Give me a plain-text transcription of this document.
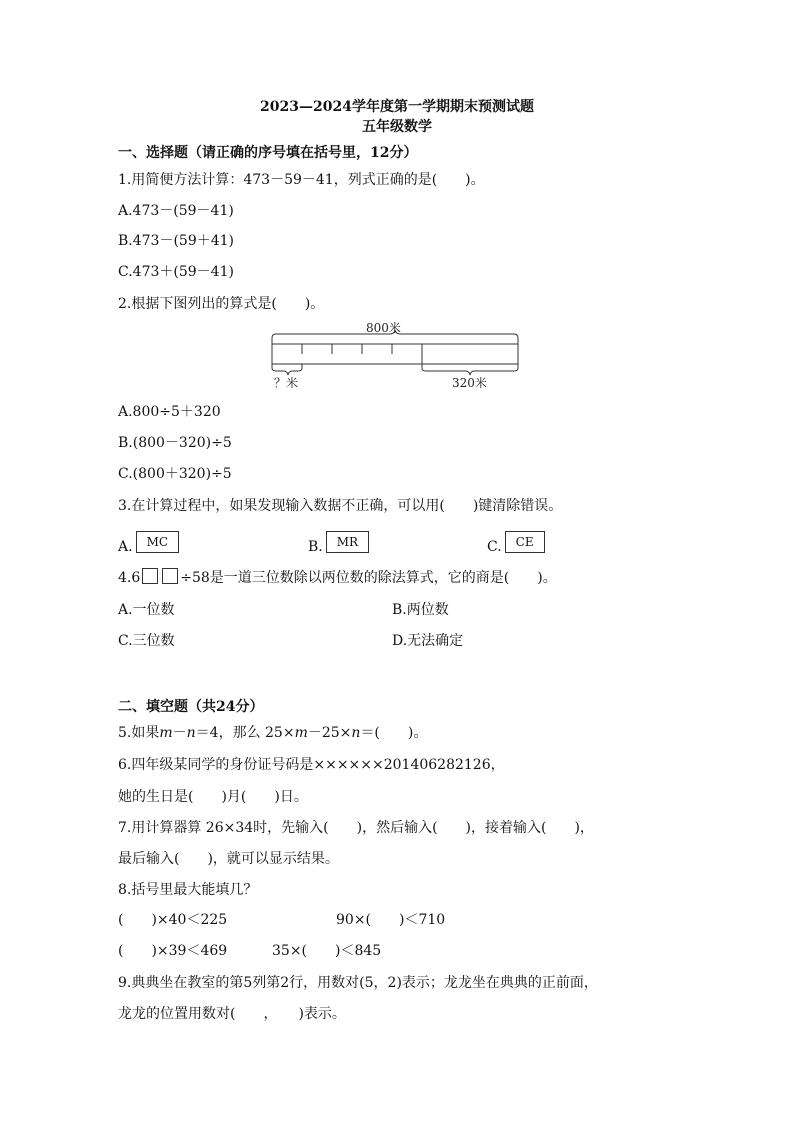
2023—2024学年度第一学期期末预测试题
五年级数学
一、选择题（请正确的序号填在括号里，12分）
1.用简便方法计算：473－59－41，列式正确的是(　　)。
A.473－(59－41)
B.473－(59＋41)
C.473＋(59－41)
2.根据下图列出的算式是(　　)。
800米
？米	320米
A.800÷5＋320
B.(800－320)÷5
C.(800＋320)÷5
3.在计算过程中，如果发现输入数据不正确，可以用(　　)键清除错误。
A. MC	B. MR	C. CE
4.6	÷58是一道三位数除以两位数的除法算式，它的商是(　　)。
A.一位数	B.两位数
C.三位数	D.无法确定
二、填空题（共24分）
5.如果m－n＝4，那么 25×m－25×n＝(　　)。
6.四年级某同学的身份证号码是××××××201406282126，
她的生日是(　　)月(　　)日。
7.用计算器算 26×34时，先输入(　　)，然后输入(　　)，接着输入(　　)，
最后输入(　　)，就可以显示结果。
8.括号里最大能填几？
(　　)×40＜225	90×(　　)＜710
(　　)×39＜469	35×(　　)＜845
9.典典坐在教室的第5列第2行，用数对(5，2)表示；龙龙坐在典典的正前面，
龙龙的位置用数对(　　，　　)表示。
